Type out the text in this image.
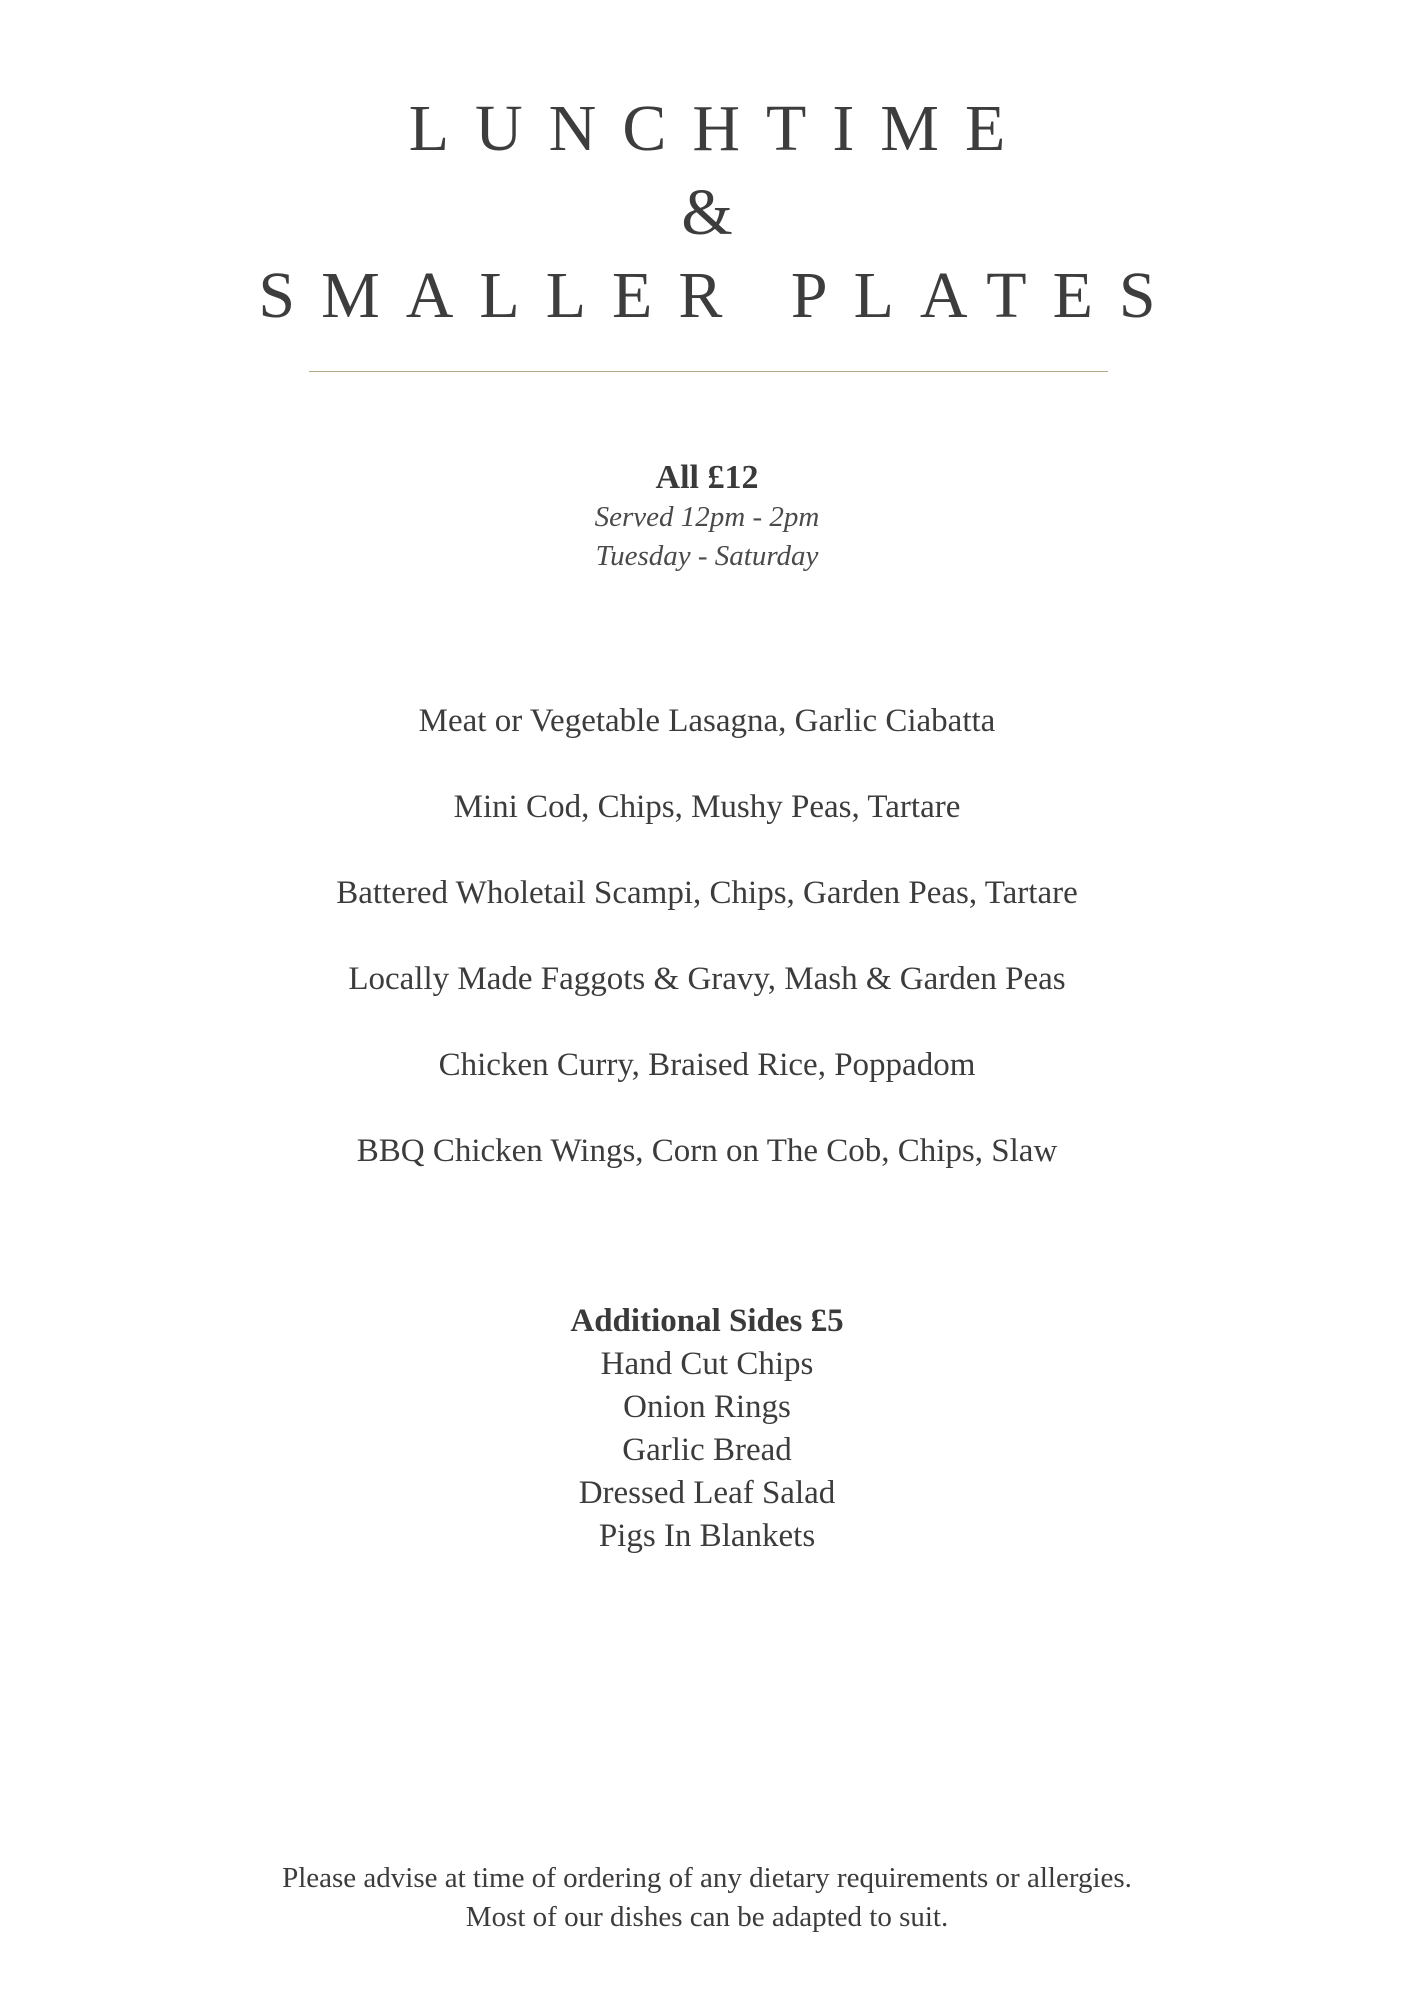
LUNCHTIME
&
SMALLER PLATES
All £12
Served 12pm - 2pm
Tuesday - Saturday
Meat or Vegetable Lasagna, Garlic Ciabatta
Mini Cod, Chips, Mushy Peas, Tartare
Battered Wholetail Scampi, Chips, Garden Peas, Tartare
Locally Made Faggots & Gravy, Mash & Garden Peas
Chicken Curry, Braised Rice, Poppadom
BBQ Chicken Wings, Corn on The Cob, Chips, Slaw
Additional Sides £5
Hand Cut Chips
Onion Rings
Garlic Bread
Dressed Leaf Salad
Pigs In Blankets
Please advise at time of ordering of any dietary requirements or allergies.
Most of our dishes can be adapted to suit.
